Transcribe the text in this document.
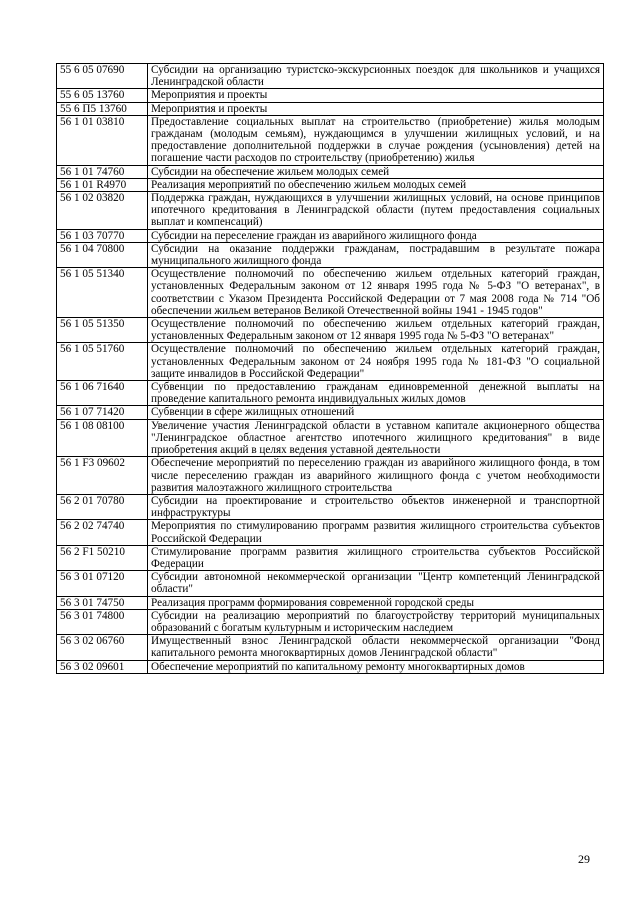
55 6 05 07690	Субсидии на организацию туристско-экскурсионных поездок для школьников и учащихся Ленинградской области
55 6 05 13760	Мероприятия и проекты
55 6 П5 13760	Мероприятия и проекты
56 1 01 03810	Предоставление социальных выплат на строительство (приобретение) жилья молодым гражданам (молодым семьям), нуждающимся в улучшении жилищных условий, и на предоставление дополнительной поддержки в случае рождения (усыновления) детей на погашение части расходов по строительству (приобретению) жилья
56 1 01 74760	Субсидии на обеспечение жильем молодых семей
56 1 01 R4970	Реализация мероприятий по обеспечению жильем молодых семей
56 1 02 03820	Поддержка граждан, нуждающихся в улучшении жилищных условий, на основе принципов ипотечного кредитования в Ленинградской области (путем предоставления социальных выплат и компенсаций)
56 1 03 70770	Субсидии на переселение граждан из аварийного жилищного фонда
56 1 04 70800	Субсидии на оказание поддержки гражданам, пострадавшим в результате пожара муниципального жилищного фонда
56 1 05 51340	Осуществление полномочий по обеспечению жильем отдельных категорий граждан, установленных Федеральным законом от 12 января 1995 года № 5-ФЗ "О ветеранах", в соответствии с Указом Президента Российской Федерации от 7 мая 2008 года № 714 "Об обеспечении жильем ветеранов Великой Отечественной войны 1941 - 1945 годов"
56 1 05 51350	Осуществление полномочий по обеспечению жильем отдельных категорий граждан, установленных Федеральным законом от 12 января 1995 года № 5-ФЗ "О ветеранах"
56 1 05 51760	Осуществление полномочий по обеспечению жильем отдельных категорий граждан, установленных Федеральным законом от 24 ноября 1995 года № 181-ФЗ "О социальной защите инвалидов в Российской Федерации"
56 1 06 71640	Субвенции по предоставлению гражданам единовременной денежной выплаты на проведение капитального ремонта индивидуальных жилых домов
56 1 07 71420	Субвенции в сфере жилищных отношений
56 1 08 08100	Увеличение участия Ленинградской области в уставном капитале акционерного общества "Ленинградское областное агентство ипотечного жилищного кредитования" в виде приобретения акций в целях ведения уставной деятельности
56 1 F3 09602	Обеспечение мероприятий по переселению граждан из аварийного жилищного фонда, в том числе переселению граждан из аварийного жилищного фонда с учетом необходимости развития малоэтажного жилищного строительства
56 2 01 70780	Субсидии на проектирование и строительство объектов инженерной и транспортной инфраструктуры
56 2 02 74740	Мероприятия по стимулированию программ развития жилищного строительства субъектов Российской Федерации
56 2 F1 50210	Стимулирование программ развития жилищного строительства субъектов Российской Федерации
56 3 01 07120	Субсидии автономной некоммерческой организации "Центр компетенций Ленинградской области"
56 3 01 74750	Реализация программ формирования современной городской среды
56 3 01 74800	Субсидии на реализацию мероприятий по благоустройству территорий муниципальных образований с богатым культурным и историческим наследием
56 3 02 06760	Имущественный взнос Ленинградской области некоммерческой организации "Фонд капитального ремонта многоквартирных домов Ленинградской области"
56 3 02 09601	Обеспечение мероприятий по капитальному ремонту многоквартирных домов
29
